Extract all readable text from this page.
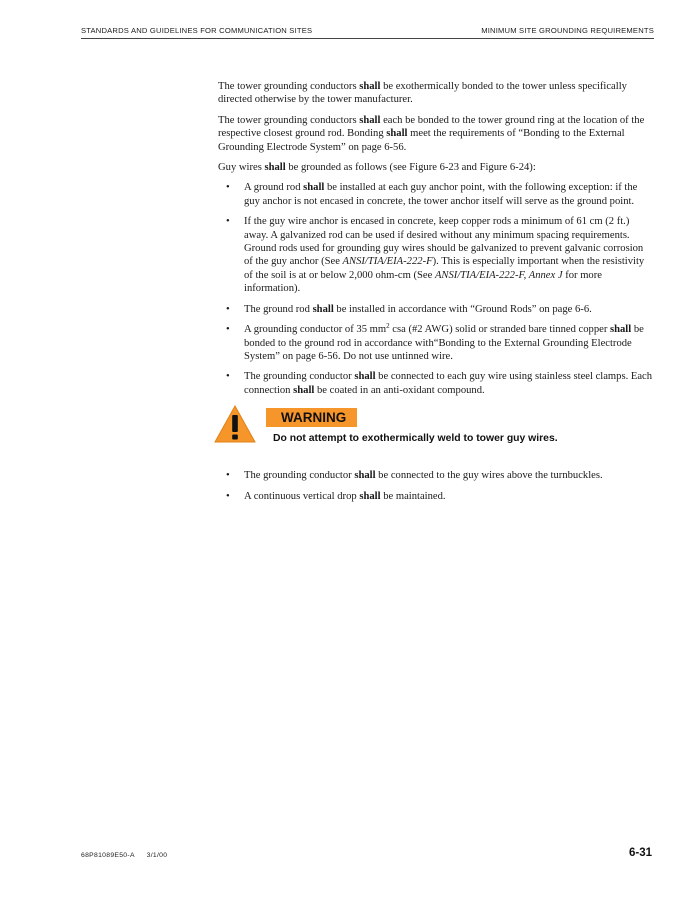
STANDARDS AND GUIDELINES FOR COMMUNICATION SITES	MINIMUM SITE GROUNDING REQUIREMENTS

The tower grounding conductors shall be exothermically bonded to the tower unless specifically directed otherwise by the tower manufacturer.

The tower grounding conductors shall each be bonded to the tower ground ring at the location of the respective closest ground rod. Bonding shall meet the requirements of “Bonding to the External Grounding Electrode System” on page 6-56.

Guy wires shall be grounded as follows (see Figure 6-23 and Figure 6-24):

• A ground rod shall be installed at each guy anchor point, with the following exception: if the guy anchor is not encased in concrete, the tower anchor itself will serve as the ground point.
• If the guy wire anchor is encased in concrete, keep copper rods a minimum of 61 cm (2 ft.) away. A galvanized rod can be used if desired without any minimum spacing requirements. Ground rods used for grounding guy wires should be galvanized to prevent galvanic corrosion of the guy anchor (See ANSI/TIA/EIA-222-F). This is especially important when the resistivity of the soil is at or below 2,000 ohm-cm (See ANSI/TIA/EIA-222-F, Annex J for more information).
• The ground rod shall be installed in accordance with “Ground Rods” on page 6-6.
• A grounding conductor of 35 $mm^2$ csa (#2 AWG) solid or stranded bare tinned copper shall be bonded to the ground rod in accordance with“Bonding to the External Grounding Electrode System” on page 6-56. Do not use untinned wire.
• The grounding conductor shall be connected to each guy wire using stainless steel clamps. Each connection shall be coated in an anti-oxidant compound.
WARNING
Do not attempt to exothermically weld to tower guy wires.
• The grounding conductor shall be connected to the guy wires above the turnbuckles.
• A continuous vertical drop shall be maintained.
68P81089E50-A 3/1/00	6-31
